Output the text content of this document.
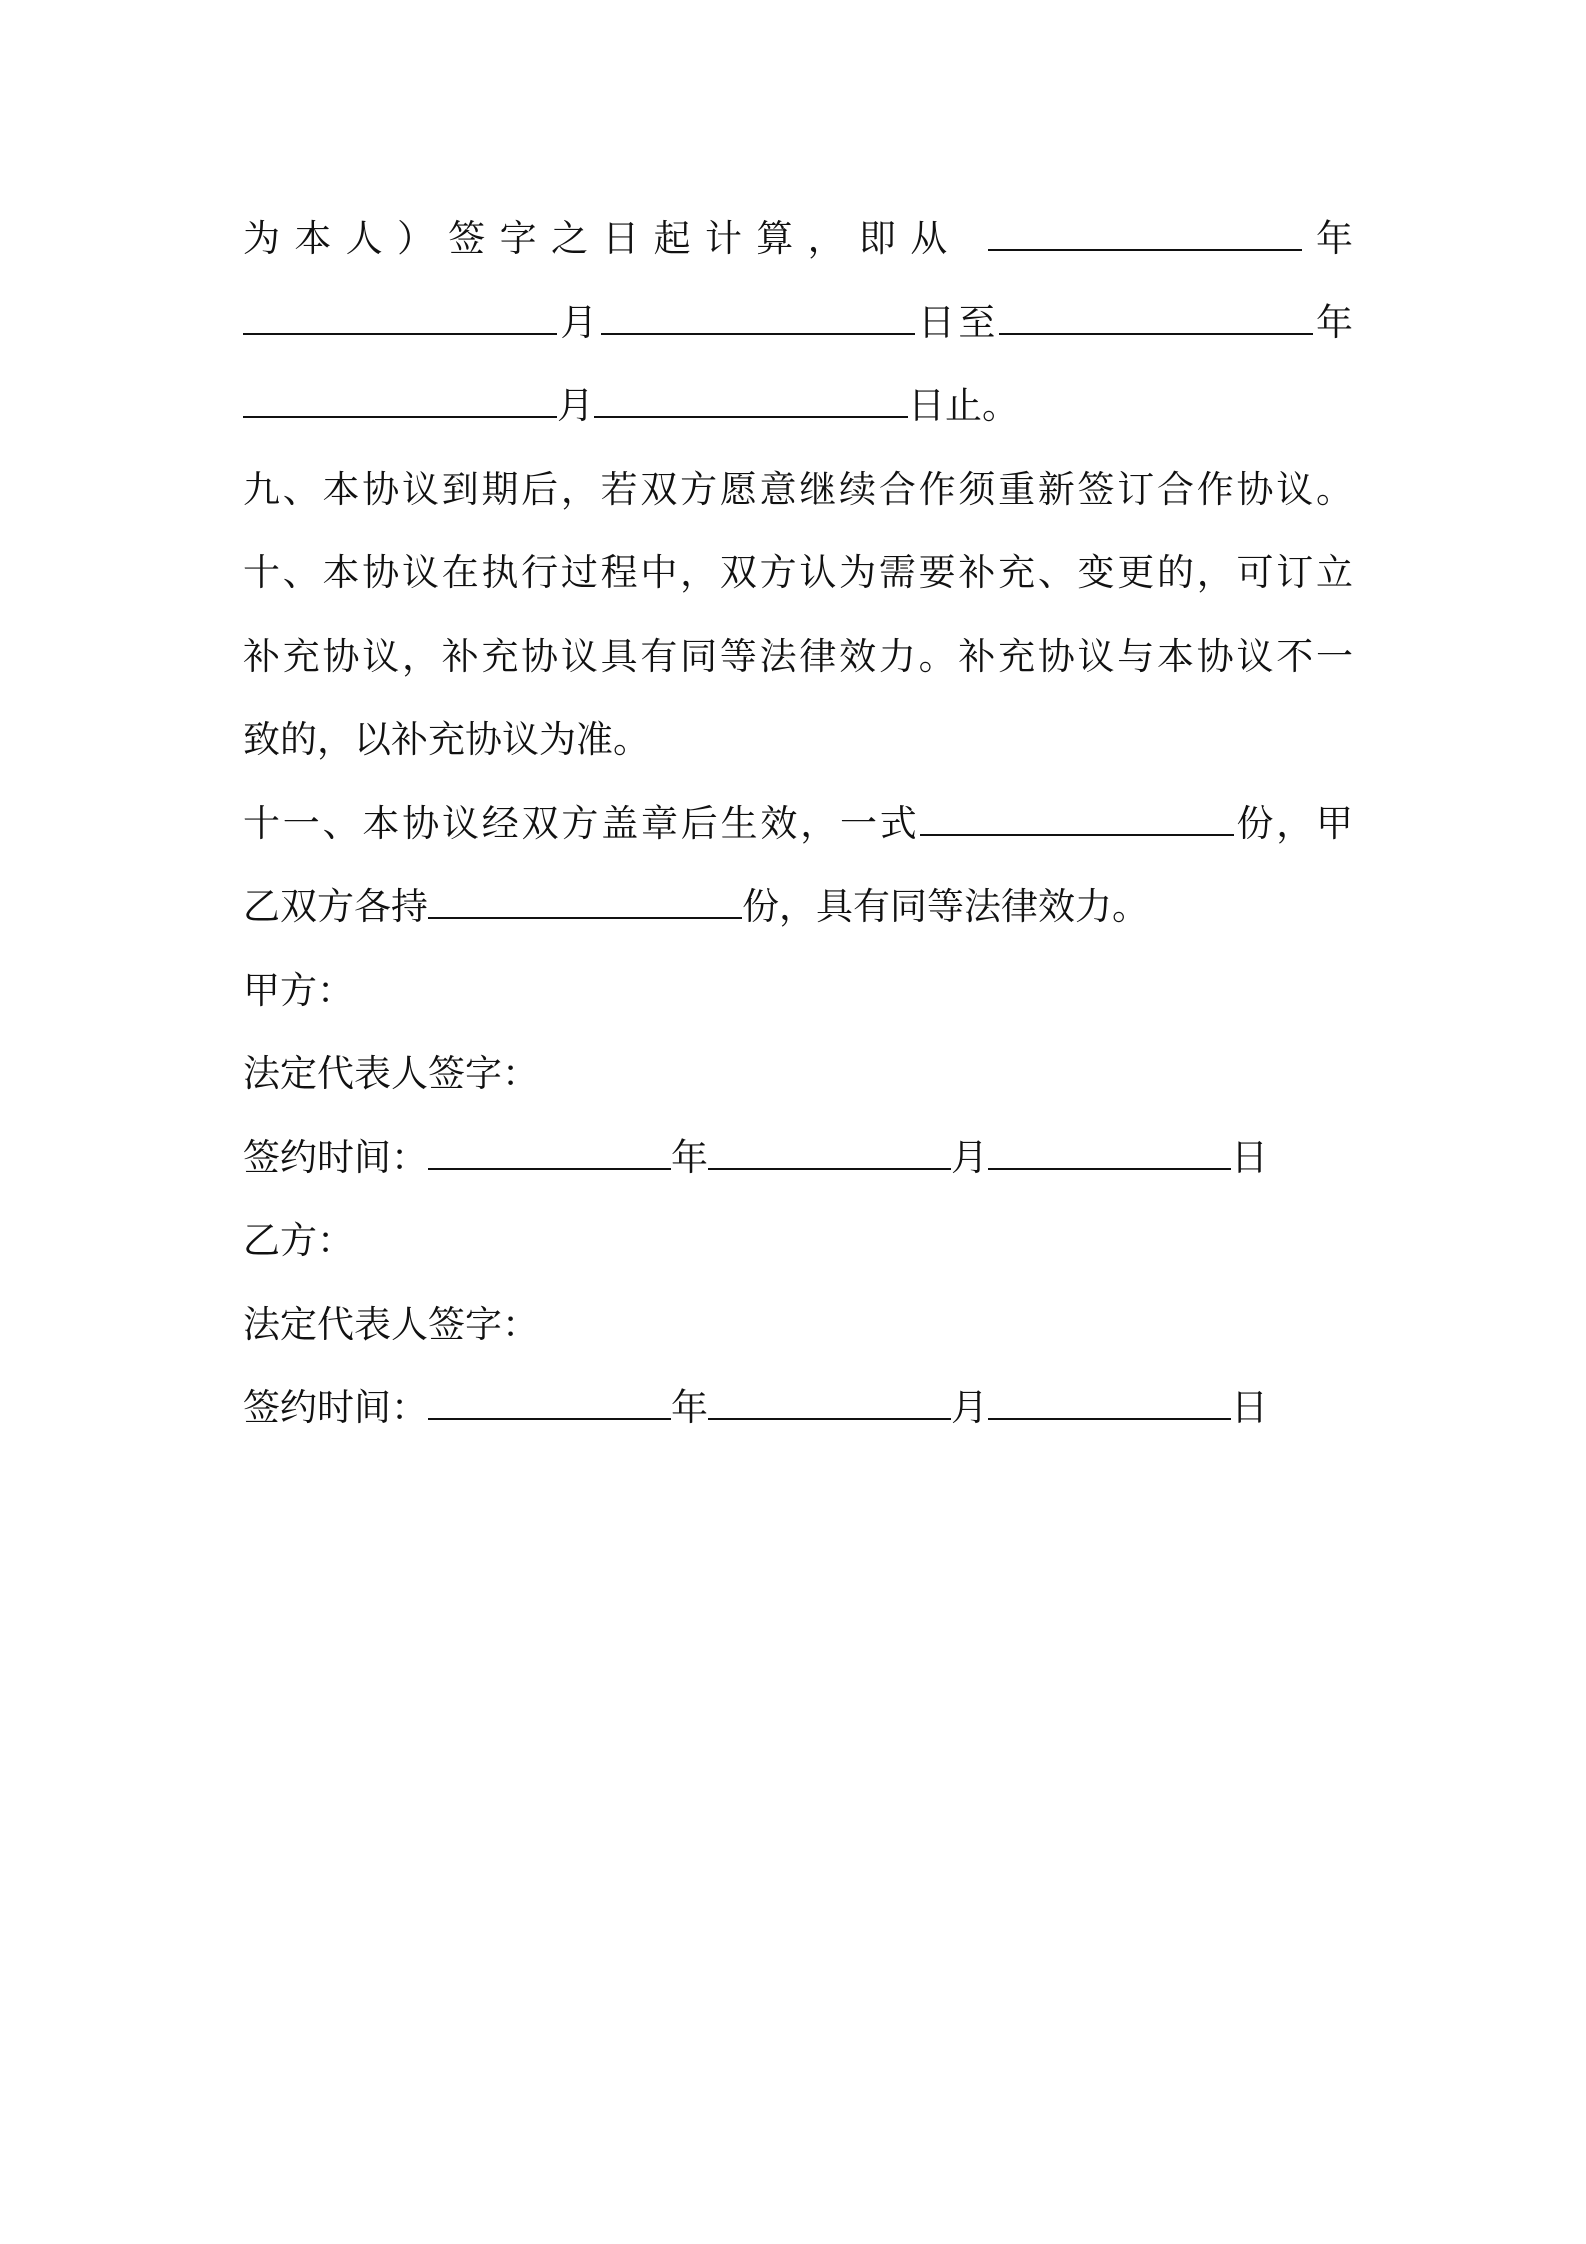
为本人）签字之日起计算，即从	年
月	日至	年
月	日止。
九、本协议到期后，若双方愿意继续合作须重新签订合作协议。
十、本协议在执行过程中，双方认为需要补充、变更的，可订立
补充协议，补充协议具有同等法律效力。补充协议与本协议不一
致的，以补充协议为准。
十一、本协议经双方盖章后生效，一式	份，甲
乙双方各持	份，具有同等法律效力。
甲方：
法定代表人签字：
签约时间：	年	月	日
乙方：
法定代表人签字：
签约时间：	年	月	日
